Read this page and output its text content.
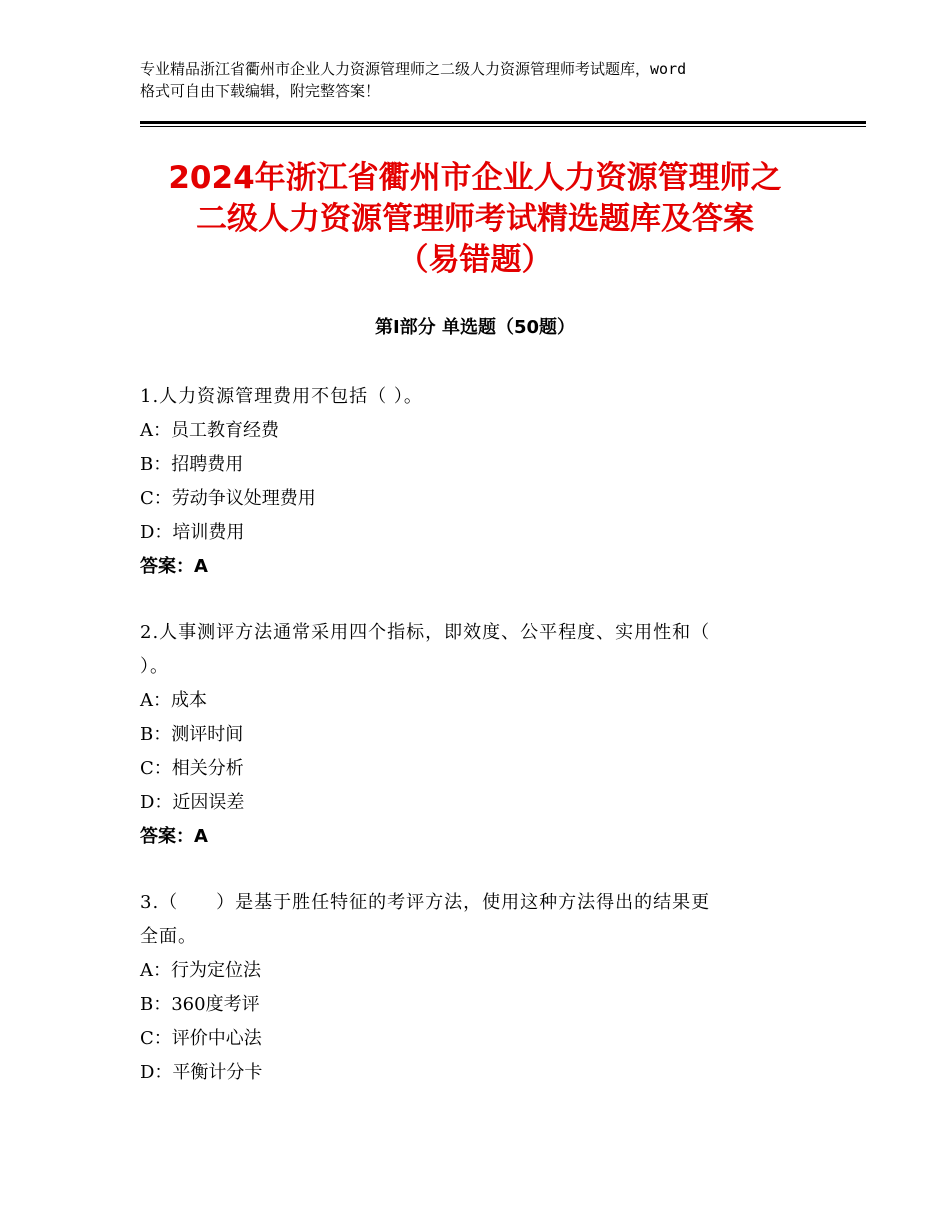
专业精品浙江省衢州市企业人力资源管理师之二级人力资源管理师考试题库，word
格式可自由下载编辑，附完整答案！
2024年浙江省衢州市企业人力资源管理师之
二级人力资源管理师考试精选题库及答案
（易错题）
第Ⅰ部分 单选题（50题）
1.人力资源管理费用不包括（ ）。
A：员工教育经费
B：招聘费用
C：劳动争议处理费用
D：培训费用
答案：A
2.人事测评方法通常采用四个指标，即效度、公平程度、实用性和（
）。
A：成本
B：测评时间
C：相关分析
D：近因误差
答案：A
3.（　　）是基于胜任特征的考评方法，使用这种方法得出的结果更
全面。
A：行为定位法
B：360度考评
C：评价中心法
D：平衡计分卡
